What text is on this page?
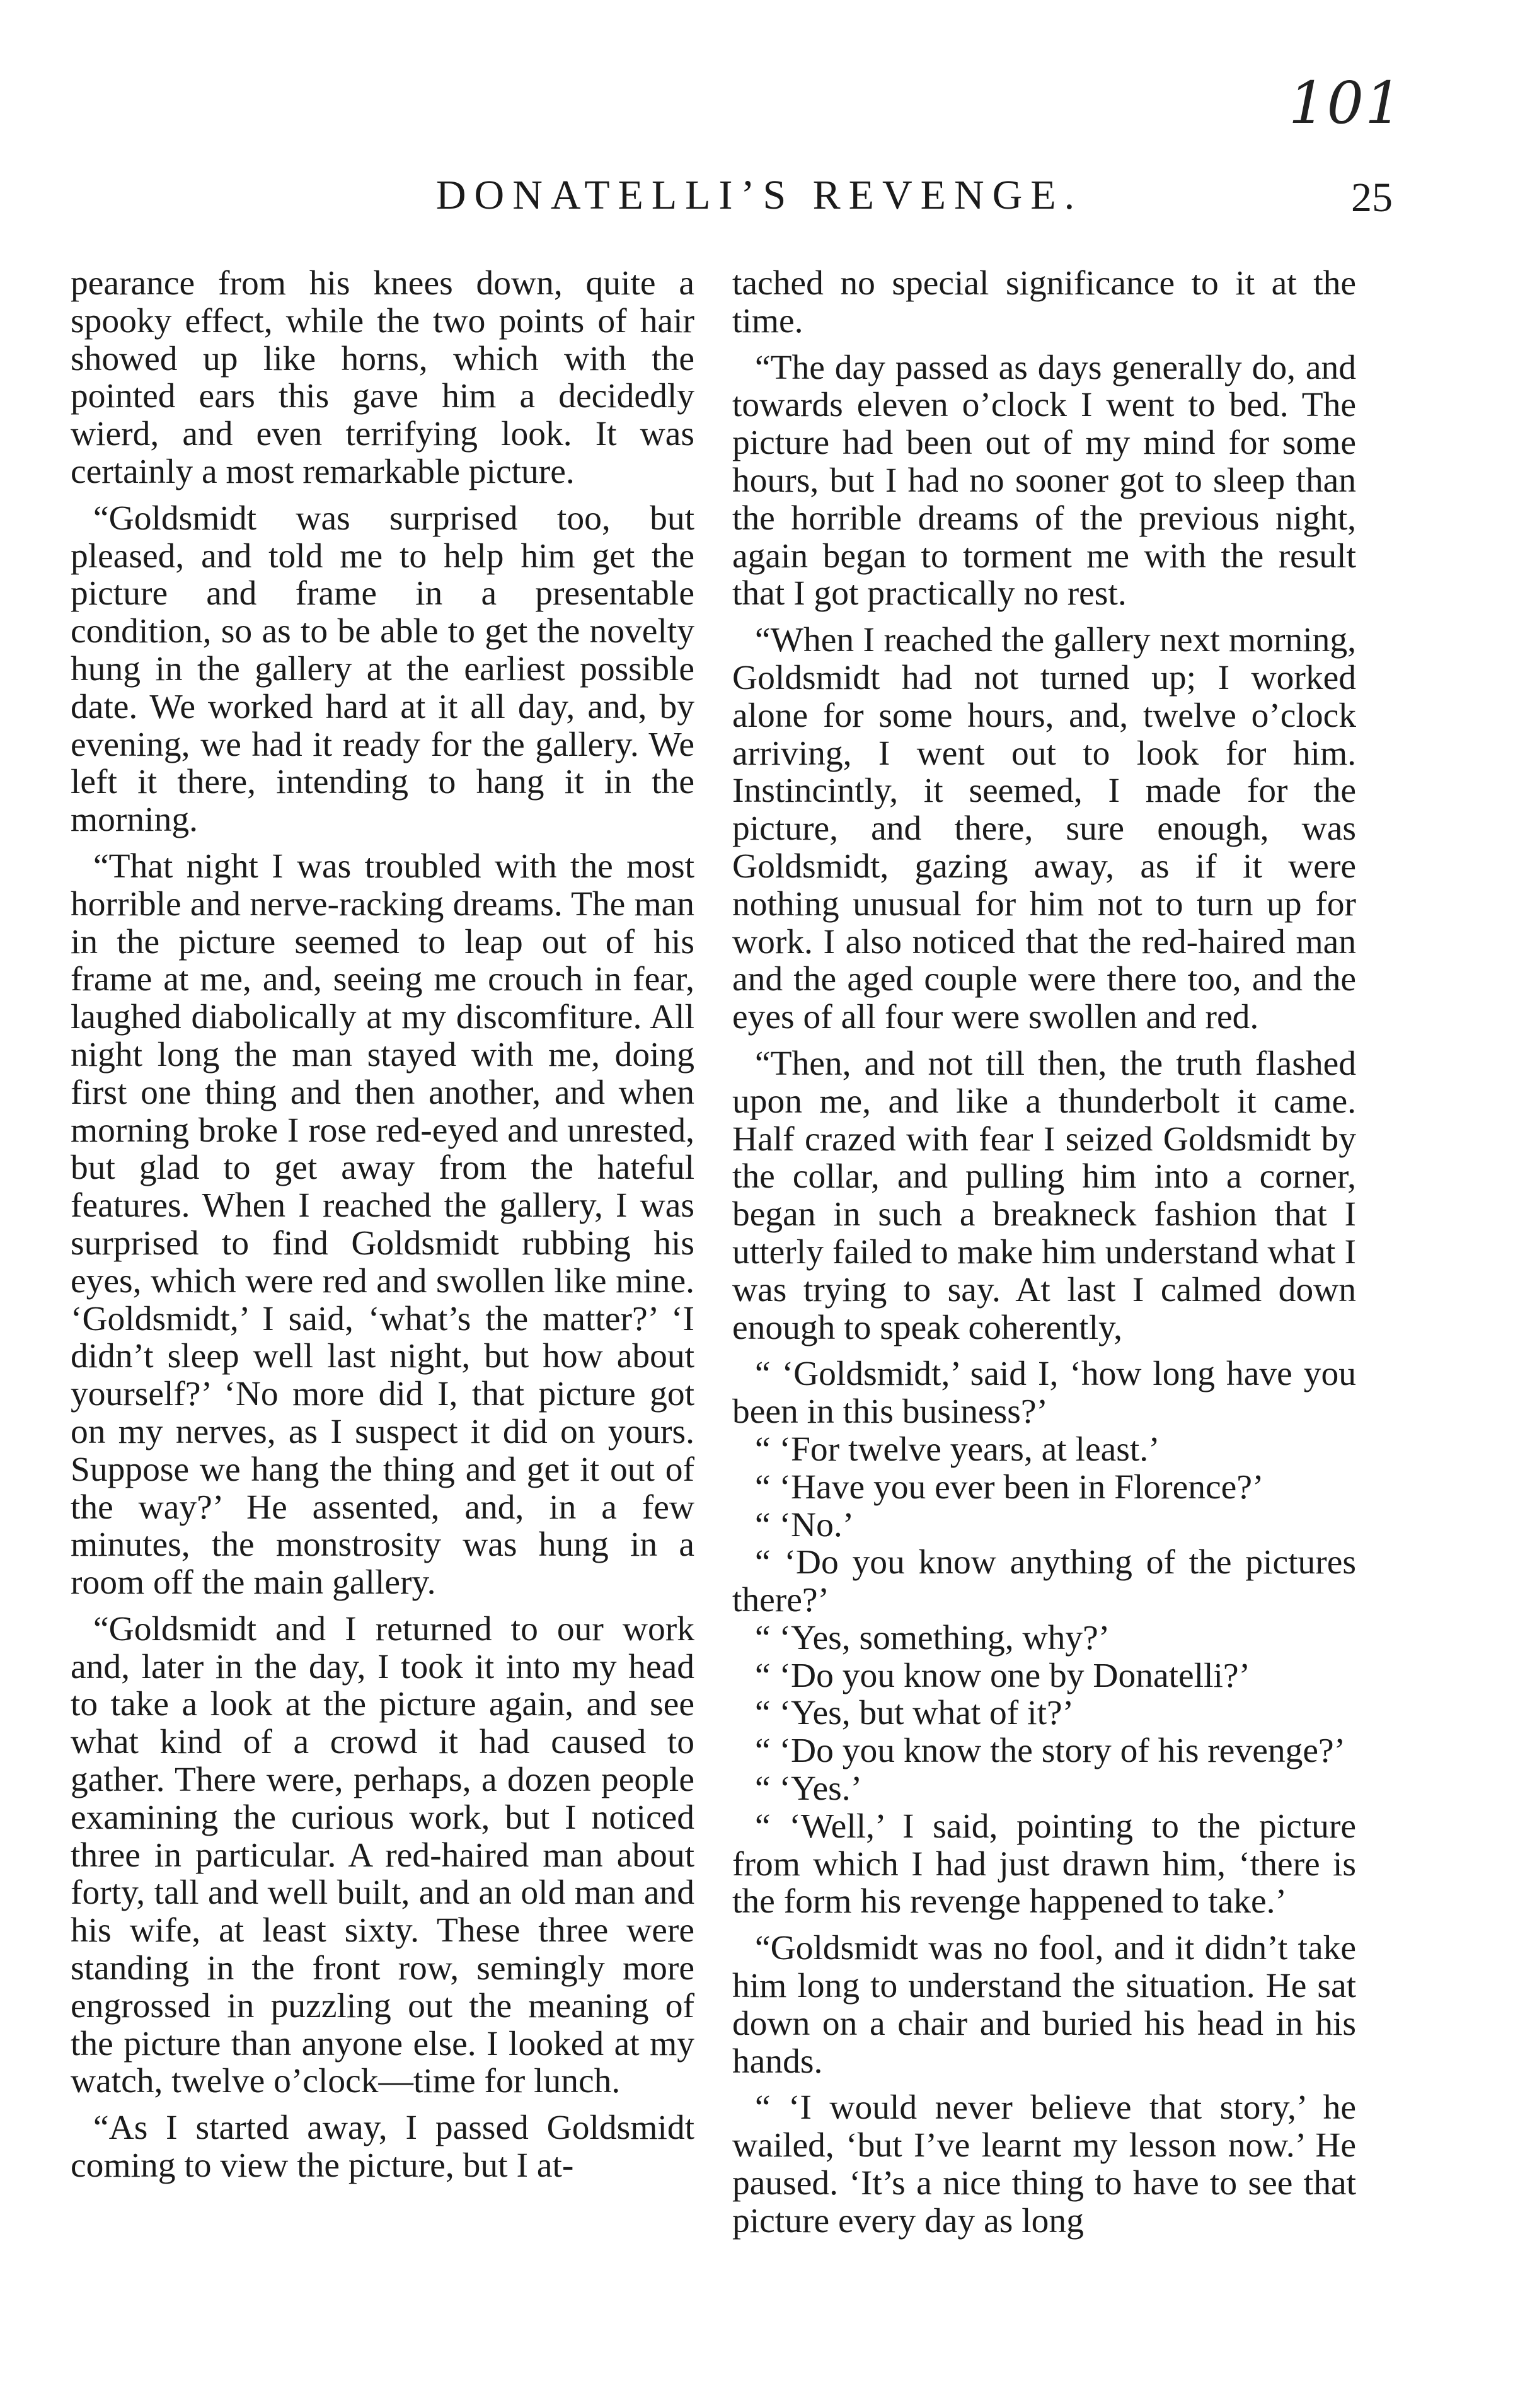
101
DONATELLI’S REVENGE.	25

pearance from his knees down, quite a spooky effect, while the two points of hair showed up like horns, which with the pointed ears this gave him a decidedly wierd, and even terrifying look. It was certainly a most remarkable picture.

“Goldsmidt was surprised too, but pleased, and told me to help him get the picture and frame in a presentable condition, so as to be able to get the novelty hung in the gallery at the earliest possible date. We worked hard at it all day, and, by evening, we had it ready for the gallery. We left it there, intending to hang it in the morning.

“That night I was troubled with the most horrible and nerve-racking dreams. The man in the picture seemed to leap out of his frame at me, and, seeing me crouch in fear, laughed diabolically at my discomfiture. All night long the man stayed with me, doing first one thing and then another, and when morning broke I rose red-eyed and unrested, but glad to get away from the hateful features. When I reached the gallery, I was surprised to find Goldsmidt rubbing his eyes, which were red and swollen like mine. ‘Goldsmidt,’ I said, ‘what’s the matter?’ ‘I didn’t sleep well last night, but how about yourself?’ ‘No more did I, that picture got on my nerves, as I suspect it did on yours. Suppose we hang the thing and get it out of the way?’ He assented, and, in a few minutes, the monstrosity was hung in a room off the main gallery.

“Goldsmidt and I returned to our work and, later in the day, I took it into my head to take a look at the picture again, and see what kind of a crowd it had caused to gather. There were, perhaps, a dozen people examining the curious work, but I noticed three in particular. A red-haired man about forty, tall and well built, and an old man and his wife, at least sixty. These three were standing in the front row, semingly more engrossed in puzzling out the meaning of the picture than anyone else. I looked at my watch, twelve o’clock—time for lunch.

“As I started away, I passed Goldsmidt coming to view the picture, but I at-

tached no special significance to it at the time.

“The day passed as days generally do, and towards eleven o’clock I went to bed. The picture had been out of my mind for some hours, but I had no sooner got to sleep than the horrible dreams of the previous night, again began to torment me with the result that I got practically no rest.

“When I reached the gallery next morning, Goldsmidt had not turned up; I worked alone for some hours, and, twelve o’clock arriving, I went out to look for him. Instincintly, it seemed, I made for the picture, and there, sure enough, was Goldsmidt, gazing away, as if it were nothing unusual for him not to turn up for work. I also noticed that the red-haired man and the aged couple were there too, and the eyes of all four were swollen and red.

“Then, and not till then, the truth flashed upon me, and like a thunderbolt it came. Half crazed with fear I seized Goldsmidt by the collar, and pulling him into a corner, began in such a breakneck fashion that I utterly failed to make him understand what I was trying to say. At last I calmed down enough to speak coherently,

“ ‘Goldsmidt,’ said I, ‘how long have you been in this business?’

“ ‘For twelve years, at least.’

“ ‘Have you ever been in Florence?’

“ ‘No.’

“ ‘Do you know anything of the pictures there?’

“ ‘Yes, something, why?’

“ ‘Do you know one by Donatelli?’

“ ‘Yes, but what of it?’

“ ‘Do you know the story of his revenge?’

“ ‘Yes.’

“ ‘Well,’ I said, pointing to the picture from which I had just drawn him, ‘there is the form his revenge happened to take.’

“Goldsmidt was no fool, and it didn’t take him long to understand the situation. He sat down on a chair and buried his head in his hands.

“ ‘I would never believe that story,’ he wailed, ‘but I’ve learnt my lesson now.’ He paused. ‘It’s a nice thing to have to see that picture every day as long
